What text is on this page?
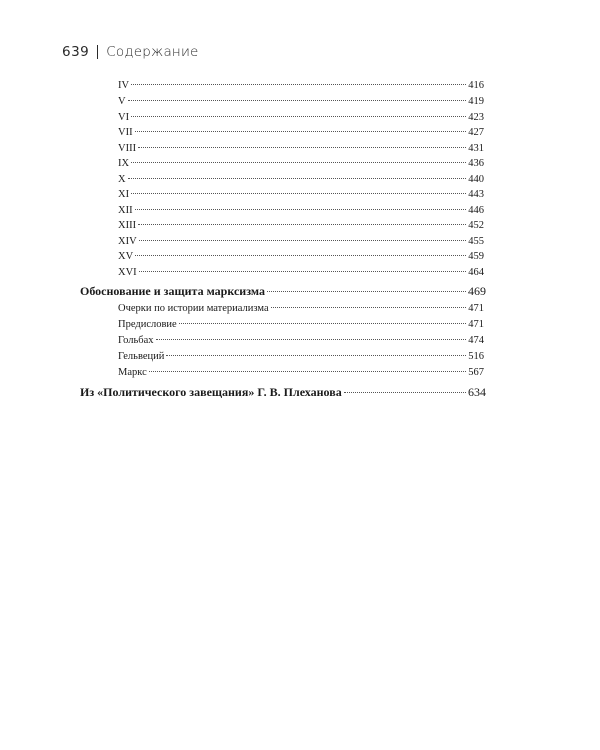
639 Содержание
IV	416
V	419
VI	423
VII	427
VIII	431
IX	436
X	440
XI	443
XII	446
XIII	452
XIV	455
XV	459
XVI	464
Обоснование и защита марксизма	469
Очерки по истории материализма	471
Предисловие	471
Гольбах	474
Гельвеций	516
Маркс	567
Из «Политического завещания» Г. В. Плеханова	634
